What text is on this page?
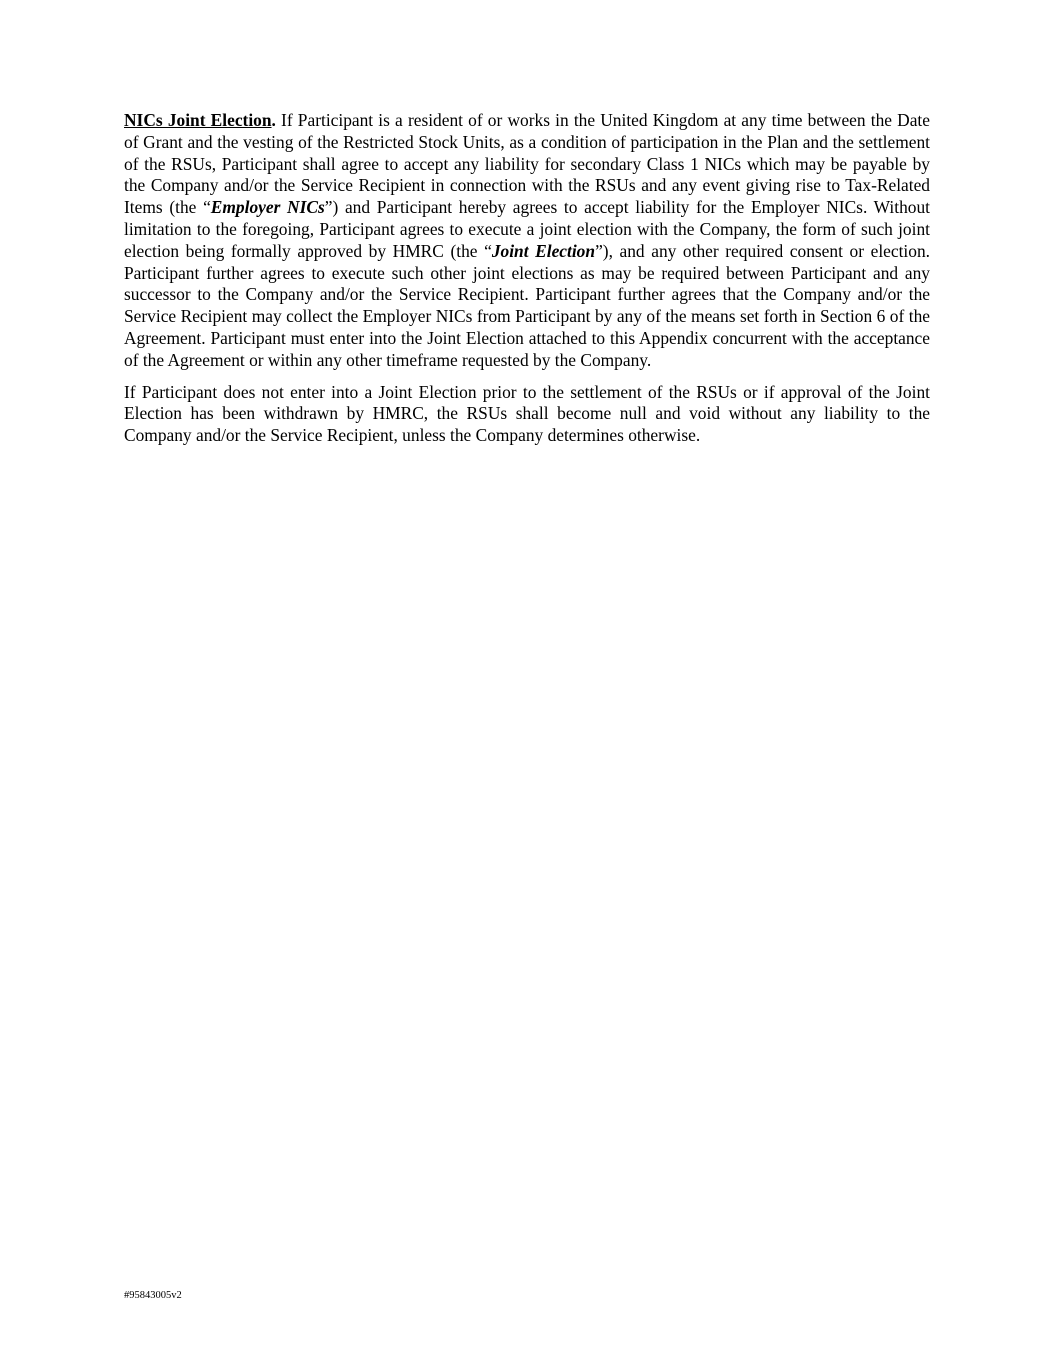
NICs Joint Election. If Participant is a resident of or works in the United Kingdom at any time between the Date of Grant and the vesting of the Restricted Stock Units, as a condition of participation in the Plan and the settlement of the RSUs, Participant shall agree to accept any liability for secondary Class 1 NICs which may be payable by the Company and/or the Service Recipient in connection with the RSUs and any event giving rise to Tax-Related Items (the “Employer NICs”) and Participant hereby agrees to accept liability for the Employer NICs. Without limitation to the foregoing, Participant agrees to execute a joint election with the Company, the form of such joint election being formally approved by HMRC (the “Joint Election”), and any other required consent or election. Participant further agrees to execute such other joint elections as may be required between Participant and any successor to the Company and/or the Service Recipient. Participant further agrees that the Company and/or the Service Recipient may collect the Employer NICs from Participant by any of the means set forth in Section 6 of the Agreement. Participant must enter into the Joint Election attached to this Appendix concurrent with the acceptance of the Agreement or within any other timeframe requested by the Company.

If Participant does not enter into a Joint Election prior to the settlement of the RSUs or if approval of the Joint Election has been withdrawn by HMRC, the RSUs shall become null and void without any liability to the Company and/or the Service Recipient, unless the Company determines otherwise.

#95843005v2
